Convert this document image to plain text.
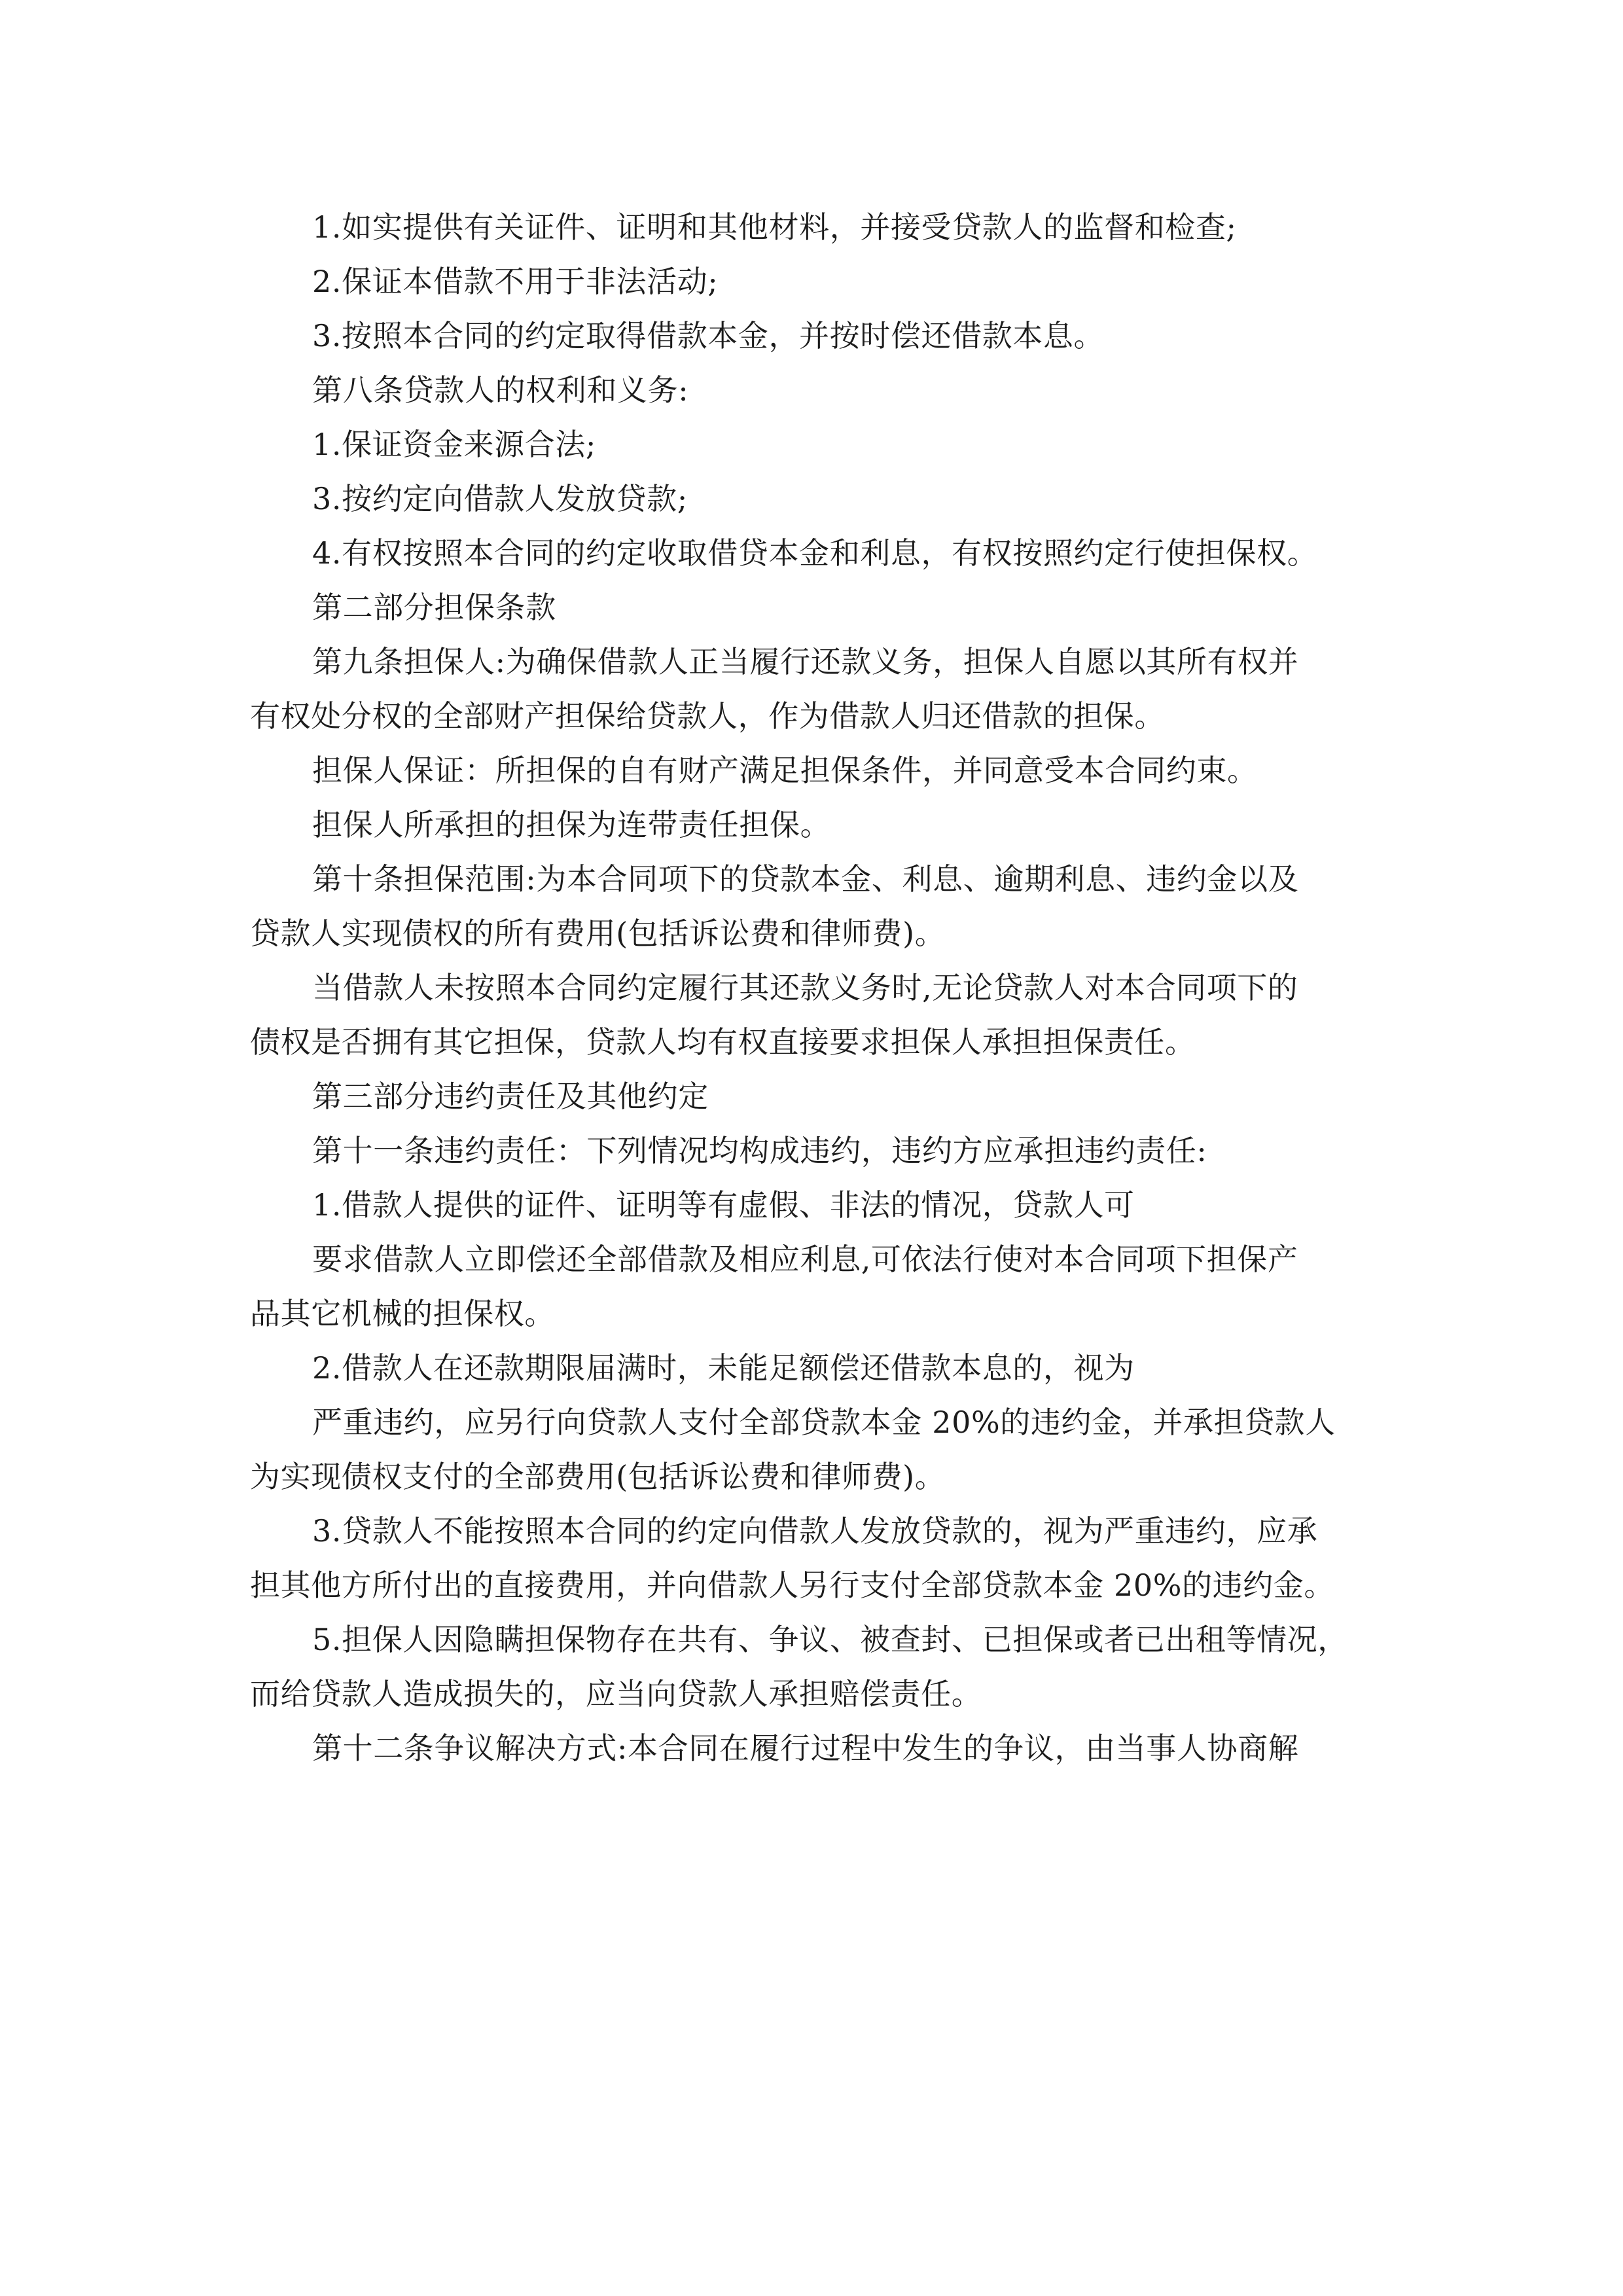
1.如实提供有关证件、证明和其他材料，并接受贷款人的监督和检查;
2.保证本借款不用于非法活动;
3.按照本合同的约定取得借款本金，并按时偿还借款本息。
第八条贷款人的权利和义务:
1.保证资金来源合法;
3.按约定向借款人发放贷款;
4.有权按照本合同的约定收取借贷本金和利息，有权按照约定行使担保权。
第二部分担保条款
第九条担保人:为确保借款人正当履行还款义务，担保人自愿以其所有权并
有权处分权的全部财产担保给贷款人，作为借款人归还借款的担保。
担保人保证：所担保的自有财产满足担保条件，并同意受本合同约束。
担保人所承担的担保为连带责任担保。
第十条担保范围:为本合同项下的贷款本金、利息、逾期利息、违约金以及
贷款人实现债权的所有费用(包括诉讼费和律师费)。
当借款人未按照本合同约定履行其还款义务时,无论贷款人对本合同项下的
债权是否拥有其它担保，贷款人均有权直接要求担保人承担担保责任。
第三部分违约责任及其他约定
第十一条违约责任：下列情况均构成违约，违约方应承担违约责任:
1.借款人提供的证件、证明等有虚假、非法的情况，贷款人可
要求借款人立即偿还全部借款及相应利息,可依法行使对本合同项下担保产
品其它机械的担保权。
2.借款人在还款期限届满时，未能足额偿还借款本息的，视为
严重违约，应另行向贷款人支付全部贷款本金 20%的违约金，并承担贷款人
为实现债权支付的全部费用(包括诉讼费和律师费)。
3.贷款人不能按照本合同的约定向借款人发放贷款的，视为严重违约，应承
担其他方所付出的直接费用，并向借款人另行支付全部贷款本金 20%的违约金。
5.担保人因隐瞒担保物存在共有、争议、被查封、已担保或者已出租等情况，
而给贷款人造成损失的，应当向贷款人承担赔偿责任。
第十二条争议解决方式:本合同在履行过程中发生的争议，由当事人协商解
